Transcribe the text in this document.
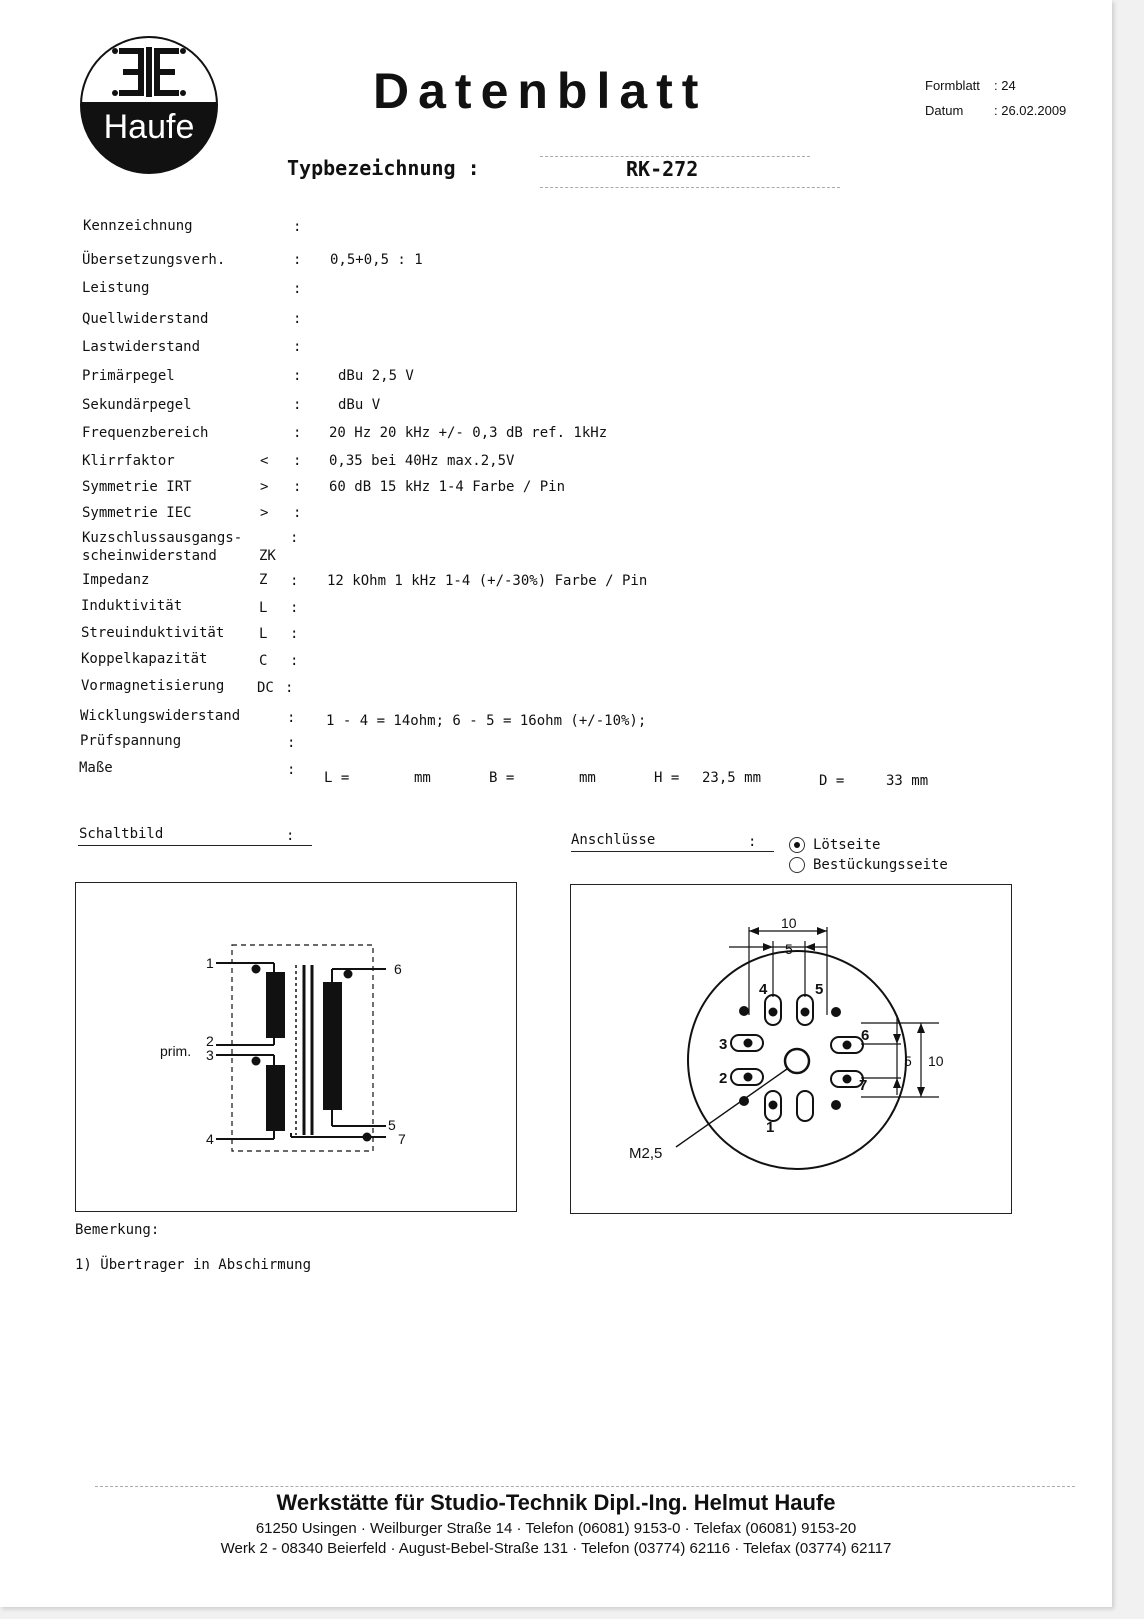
Haufe
Datenblatt	Formblatt : 24
Datum : 26.02.2009
Typbezeichnung :	RK-272
Kennzeichnung	:
Übersetzungsverh.	: 0,5+0,5 : 1
Leistung	:
Quellwiderstand	:
Lastwiderstand	:
Primärpegel	:	dBu 2,5 V
Sekundärpegel	:	dBu V
Frequenzbereich	: 20 Hz 20 kHz +/- 0,3 dB ref. 1kHz
Klirrfaktor	< : 0,35 bei 40Hz max.2,5V
Symmetrie IRT	> : 60 dB 15 kHz 1-4 Farbe / Pin
Symmetrie IEC	> :
Kuzschlussausgangs-
scheinwiderstand	ZK
:
Impedanz	Z : 12 kOhm 1 kHz 1-4 (+/-30%) Farbe / Pin
Induktivität	L :
Streuinduktivität L :
Koppelkapazität	C :
Vormagnetisierung DC :
Wicklungswiderstand	: 1 - 4 = 14ohm; 6 - 5 = 16ohm (+/-10%);
Prüfspannung	:
Maße	: L =	mm	B =	mm	H = 23,5 mm	D =	33 mm
Schaltbild	:	Anschlüsse	:	Lötseite
Bestückungsseite
1
2
3
4
5
6
7
prim.
10
5
5 10
1
2
3
4	5
6
7
M2,5
Bemerkung:
1) Übertrager in Abschirmung
Werkstätte für Studio-Technik Dipl.-Ing. Helmut Haufe
61250 Usingen · Weilburger Straße 14 · Telefon (06081) 9153-0 · Telefax (06081) 9153-20
Werk 2 - 08340 Beierfeld · August-Bebel-Straße 131 · Telefon (03774) 62116 · Telefax (03774) 62117
